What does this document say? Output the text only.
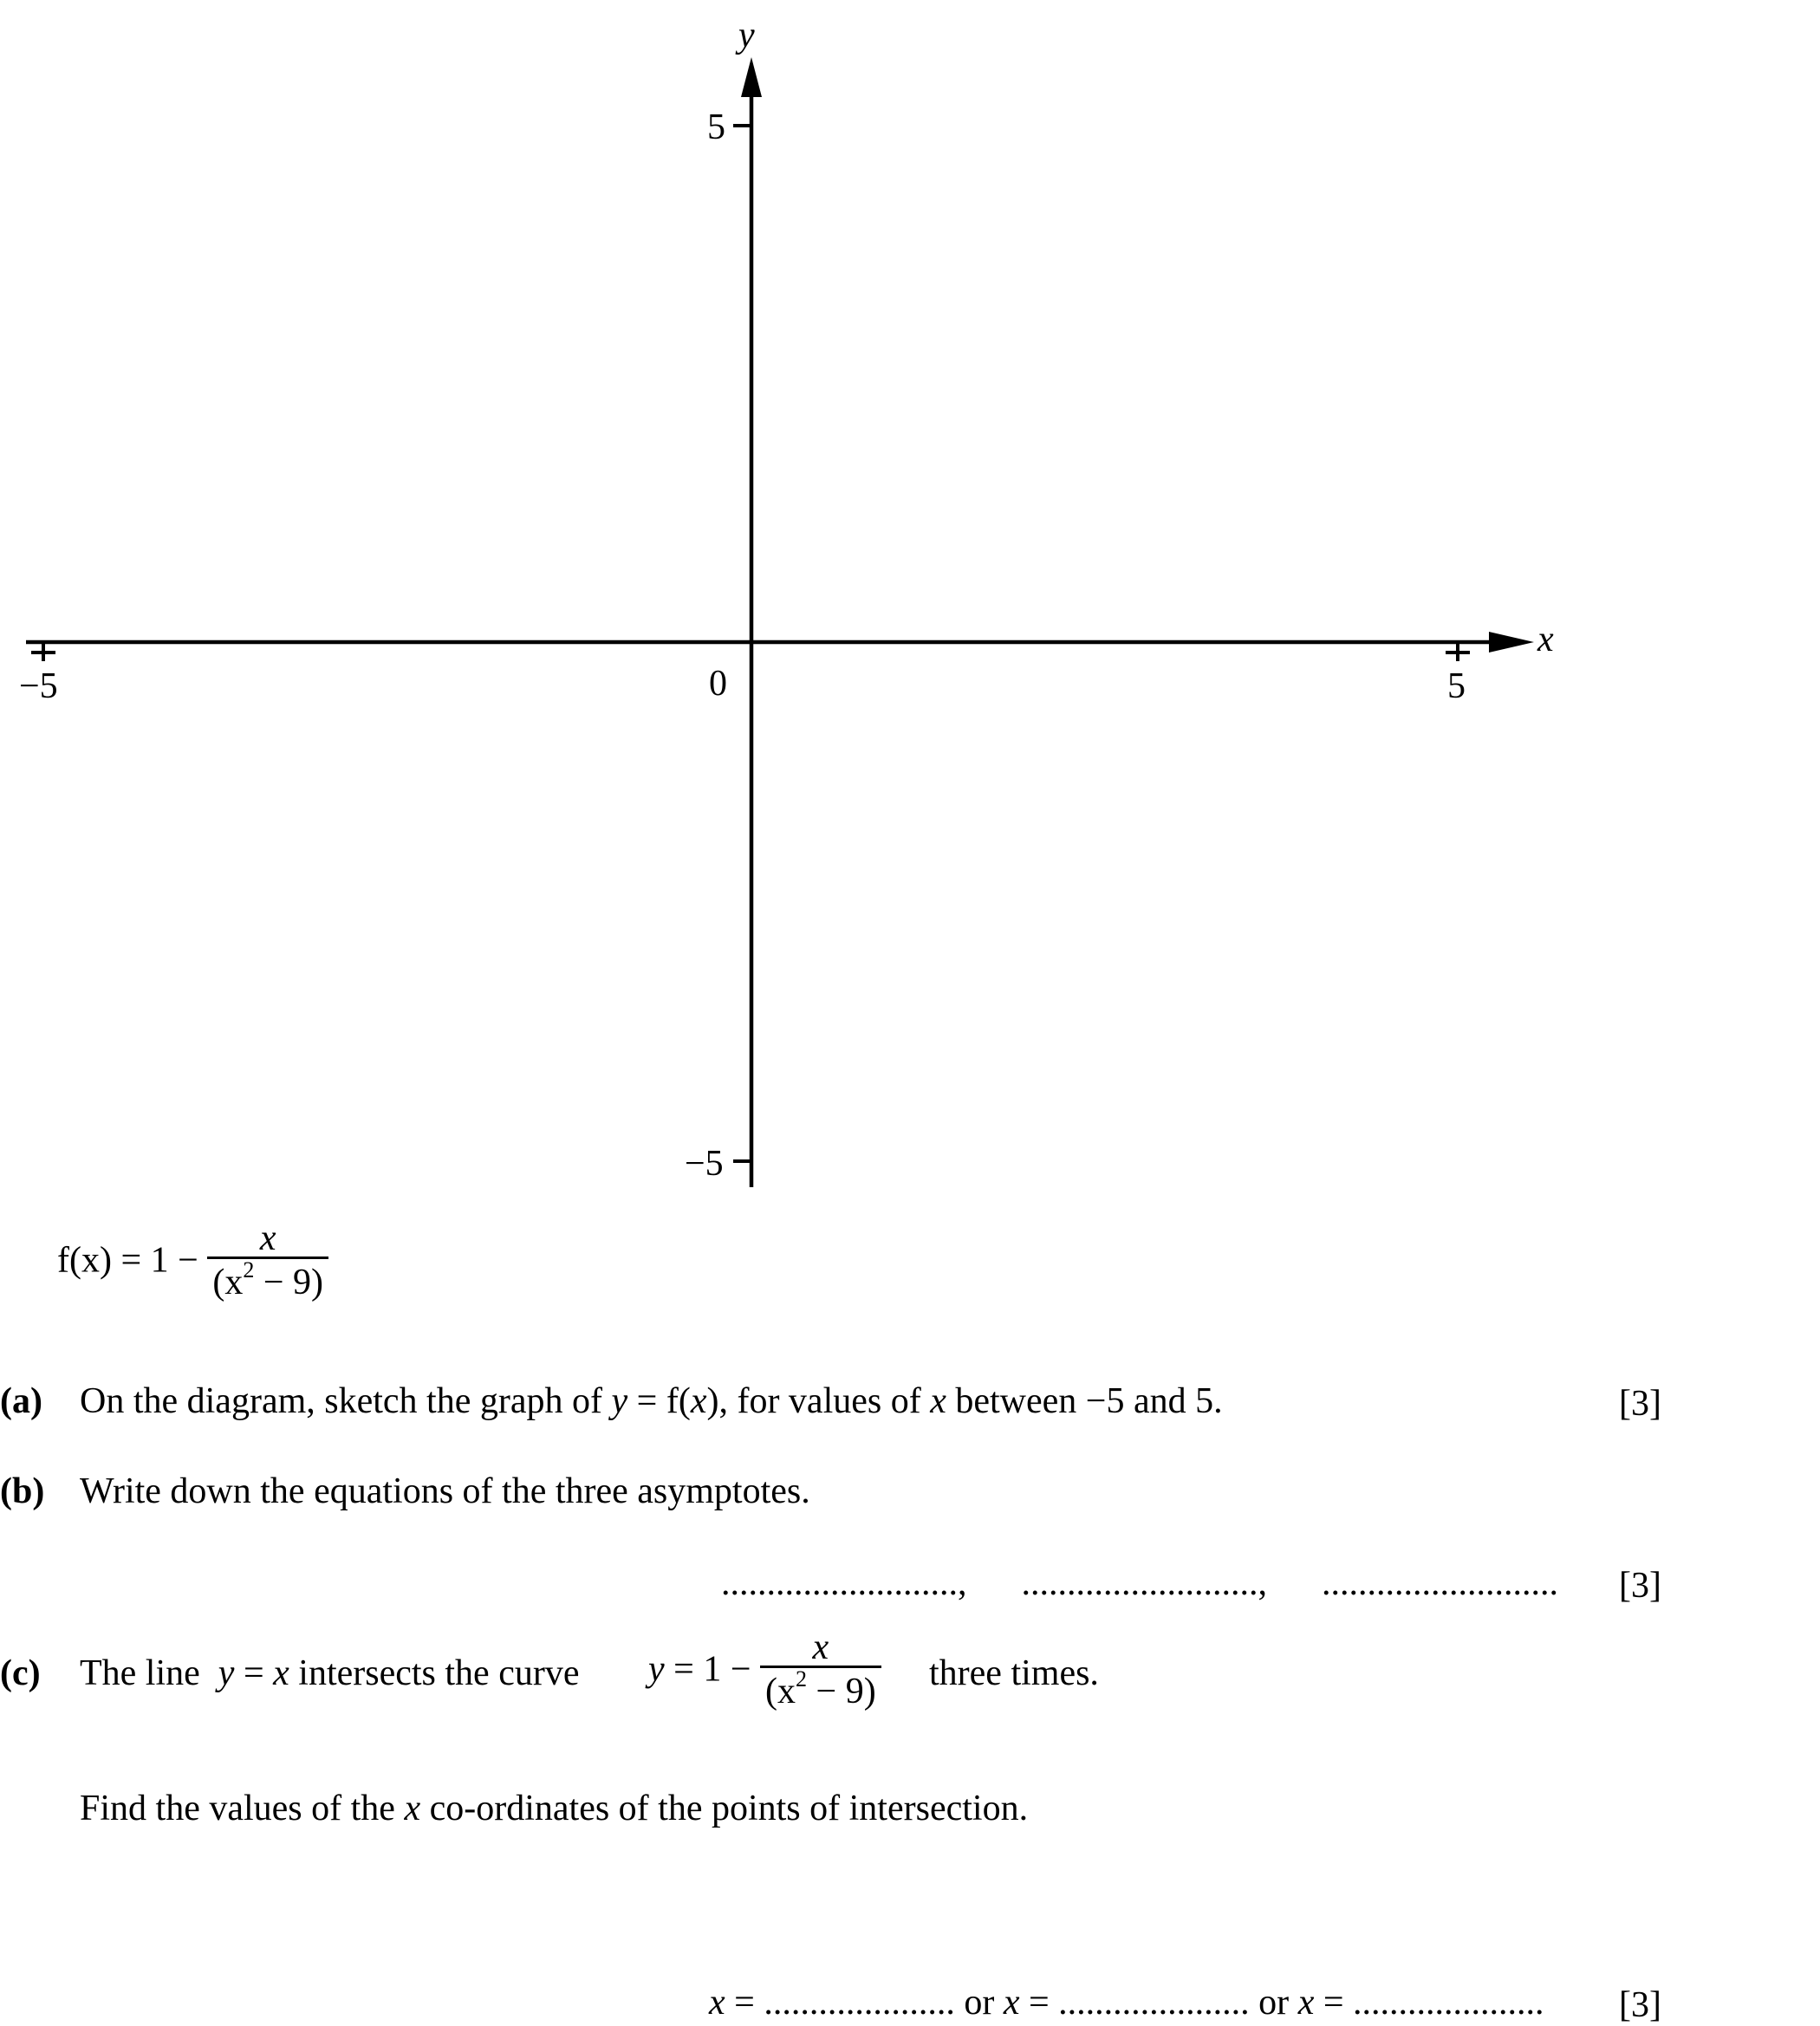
y
x
5
−5
−5	5
0
$f(x) = 1 - \frac{x}{(x^2 - 9)}$
(a) On the diagram, sketch the graph of y = f(x), for values of x between −5 and 5.	[3]
(b) Write down the equations of the three asymptotes.
..........................,      ..........................,      .......................... [3]
(c) The line  y = x intersects the curve $y = 1 - \frac{x}{(x^2 - 9)}$ three times.
Find the values of the x co-ordinates of the points of intersection.
x = ..................... or x = ..................... or x = ..................... [3]
